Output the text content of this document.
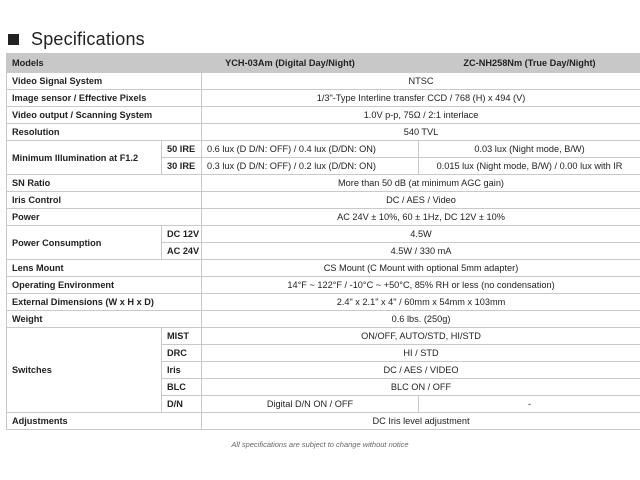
Specifications
Models	YCH-03Am (Digital Day/Night)		ZC-NH258Nm (True Day/Night)
Video Signal System		NTSC	
Image sensor / Effective Pixels		1/3"-Type Interline transfer CCD / 768 (H) x 494 (V)	
Video output / Scanning System		1.0V p-p, 75Ω / 2:1 interlace	
Resolution		540 TVL	
Minimum Illumination at F1.2	50 IRE	0.6 lux (D D/N: OFF) / 0.4 lux (D/DN: ON)	0.03 lux (Night mode, B/W)
	30 IRE	0.3 lux (D D/N: OFF) / 0.2 lux (D/DN: ON)	0.015 lux (Night mode, B/W) / 0.00 lux with IR
SN Ratio		More than 50 dB (at minimum AGC gain)	
Iris Control		DC / AES / Video	
Power		AC 24V ± 10%, 60 ± 1Hz, DC 12V ± 10%	
Power Consumption	DC 12V	4.5W	
	AC 24V	4.5W / 330 mA	
Lens Mount		CS Mount (C Mount with optional 5mm adapter)	
Operating Environment		14°F ~ 122°F / -10°C ~ +50°C, 85% RH or less (no condensation)	
External Dimensions (W x H x D)		2.4" x 2.1" x 4" / 60mm x 54mm x 103mm	
Weight		0.6 lbs. (250g)	
Switches	MIST	ON/OFF, AUTO/STD, HI/STD	
	DRC	HI / STD	
	Iris	DC / AES / VIDEO	
	BLC	BLC ON / OFF	
	D/N	Digital D/N ON / OFF	-
Adjustments		DC Iris level adjustment	
All specifications are subject to change without notice
